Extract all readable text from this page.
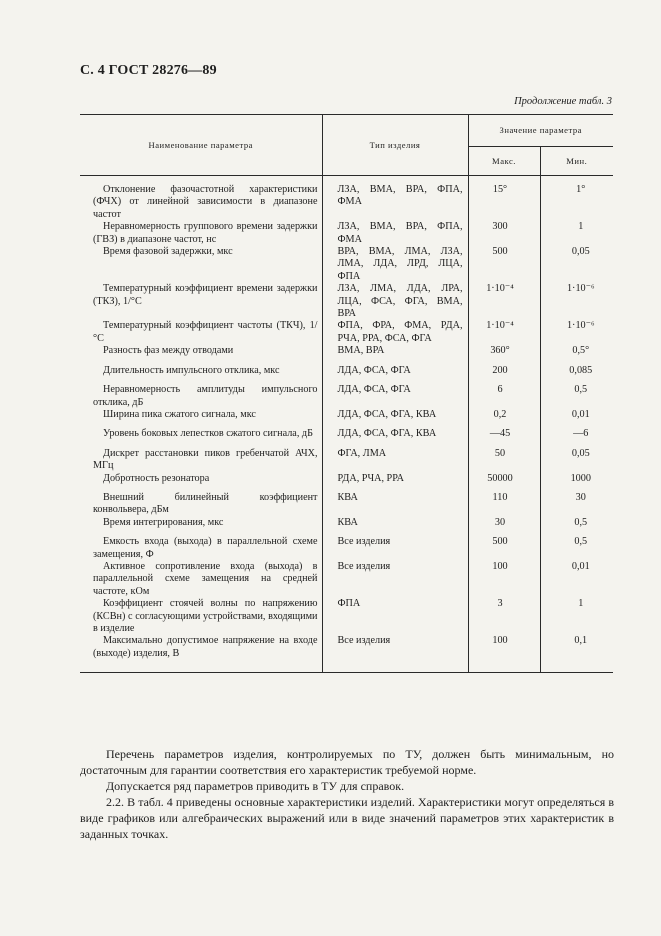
С. 4 ГОСТ 28276—89
Продолжение табл. 3
Наименование параметра	Тип изделия	Значение параметра	
		Макс.	Мин.

Отклонение фазочастотной характеристики (ФЧХ) от линейной зависимости в диапазоне частот	ЛЗА, ВМА, ВРА, ФПА, ФМА	15°	1°

Неравномерность группового времени задержки (ГВЗ) в диапазоне частот, нс	ЛЗА, ВМА, ВРА, ФПА, ФМА	300	1

Время фазовой задержки, мкс	ВРА, ВМА, ЛМА, ЛЗА, ЛМА, ЛДА, ЛРД, ЛЦА, ФПА	500	0,05

Температурный коэффициент времени задержки (ТКЗ), 1/°С	ЛЗА, ЛМА, ЛДА, ЛРА, ЛЦА, ФСА, ФГА, ВМА, ВРА	1·10⁻⁴	1·10⁻⁶

Температурный коэффициент частоты (ТКЧ), 1/°С	ФПА, ФРА, ФМА, РДА, РЧА, РРА, ФСА, ФГА	1·10⁻⁴	1·10⁻⁶

Разность фаз между отводами	ВМА, ВРА	360°	0,5°

Длительность импульсного отклика, мкс	ЛДА, ФСА, ФГА	200	0,085

Неравномерность амплитуды импульсного отклика, дБ	ЛДА, ФСА, ФГА	6	0,5

Ширина пика сжатого сигнала, мкс	ЛДА, ФСА, ФГА, КВА	0,2	0,01

Уровень боковых лепестков сжатого сигнала, дБ	ЛДА, ФСА, ФГА, КВА	—45	—6

Дискрет расстановки пиков гребенчатой АЧХ, МГц	ФГА, ЛМА	50	0,05

Добротность резонатора	РДА, РЧА, РРА	50000	1000

Внешний билинейный коэффициент конвольвера, дБм	КВА	110	30

Время интегрирования, мкс	КВА	30	0,5

Емкость входа (выхода) в параллельной схеме замещения, Ф	Все изделия	500	0,5

Активное сопротивление входа (выхода) в параллельной схеме замещения на средней частоте, кОм	Все изделия	100	0,01

Коэффициент стоячей волны по напряжению (КСВн) с согласующими устройствами, входящими в изделие	ФПА	3	1

Максимально допустимое напряжение на входе (выходе) изделия, В	Все изделия	100	0,1

Перечень параметров изделия, контролируемых по ТУ, должен быть минимальным, но достаточным для гарантии соответствия его характеристик требуемой норме.

Допускается ряд параметров приводить в ТУ для справок.

2.2. В табл. 4 приведены основные характеристики изделий. Характеристики могут определяться в виде графиков или алгебраических выражений или в виде значений параметров этих характеристик в заданных точках.
